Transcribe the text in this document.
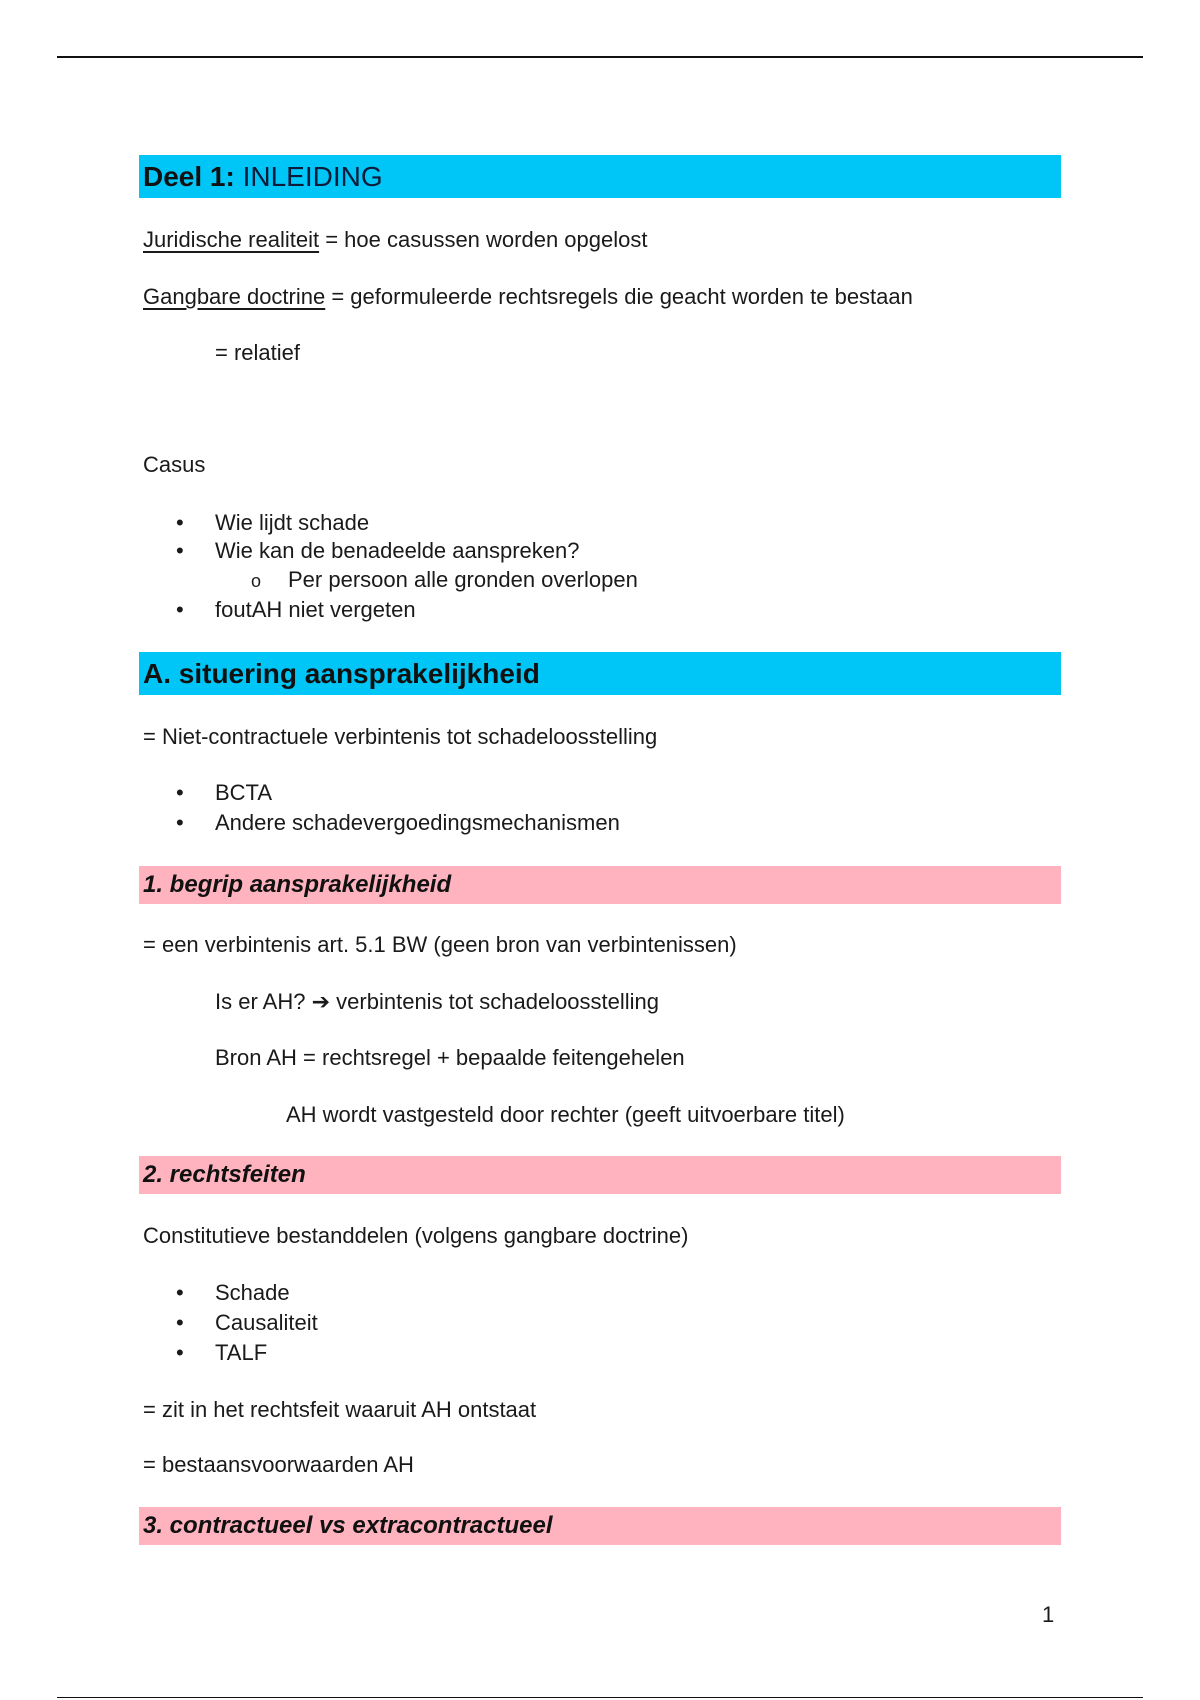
Deel 1: INLEIDING
Juridische realiteit = hoe casussen worden opgelost
Gangbare doctrine = geformuleerde rechtsregels die geacht worden te bestaan
= relatief
Casus
• Wie lijdt schade
• Wie kan de benadeelde aanspreken?
o Per persoon alle gronden overlopen
• foutAH niet vergeten
A. situering aansprakelijkheid
= Niet-contractuele verbintenis tot schadeloosstelling
• BCTA
• Andere schadevergoedingsmechanismen
1. begrip aansprakelijkheid
= een verbintenis art. 5.1 BW (geen bron van verbintenissen)
Is er AH? ➔ verbintenis tot schadeloosstelling
Bron AH = rechtsregel + bepaalde feitengehelen
AH wordt vastgesteld door rechter (geeft uitvoerbare titel)
2. rechtsfeiten
Constitutieve bestanddelen (volgens gangbare doctrine)
• Schade
• Causaliteit
• TALF
= zit in het rechtsfeit waaruit AH ontstaat
= bestaansvoorwaarden AH
3. contractueel vs extracontractueel
1
